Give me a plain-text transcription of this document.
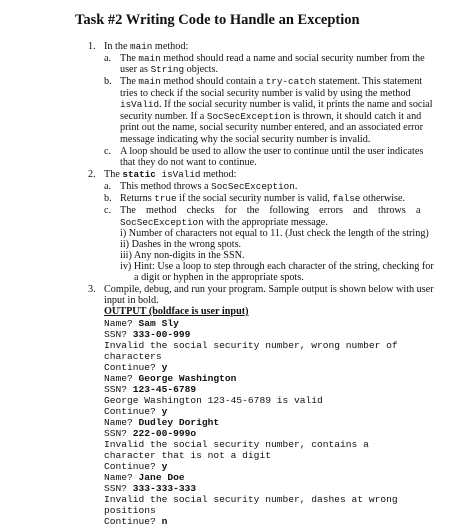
Task #2 Writing Code to Handle an Exception
1. In the main method:
a. The main method should read a name and social security number from the
user as String objects.
b. The main method should contain a try-catch statement. This statement
tries to check if the social security number is valid by using the method
isValid. If the social security number is valid, it prints the name and social
security number. If a SocSecException is thrown, it should catch it and
print out the name, social security number entered, and an associated error
message indicating why the social security number is invalid.
c. A loop should be used to allow the user to continue until the user indicates
that they do not want to continue.
2. The static isValid method:
a. This method throws a SocSecException.
b. Returns true if the social security number is valid, false otherwise.
c. The    method    checks    for    the    following    errors    and    throws    a
SocSecException with the appropriate message.
i) Number of characters not equal to 11. (Just check the length of the string)
ii) Dashes in the wrong spots.
iii) Any non-digits in the SSN.
iv) Hint: Use a loop to step through each character of the string, checking for
a digit or hyphen in the appropriate spots.
3. Compile, debug, and run your program. Sample output is shown below with user
input in bold.
OUTPUT (boldface is user input)
Name? Sam Sly
SSN? 333-00-999
Invalid the social security number, wrong number of
characters
Continue? y
Name? George Washington
SSN? 123-45-6789
George Washington 123-45-6789 is valid
Continue? y
Name? Dudley Doright
SSN? 222-00-999o
Invalid the social security number, contains a
character that is not a digit
Continue? y
Name? Jane Doe
SSN? 333-333-333
Invalid the social security number, dashes at wrong
positions
Continue? n
